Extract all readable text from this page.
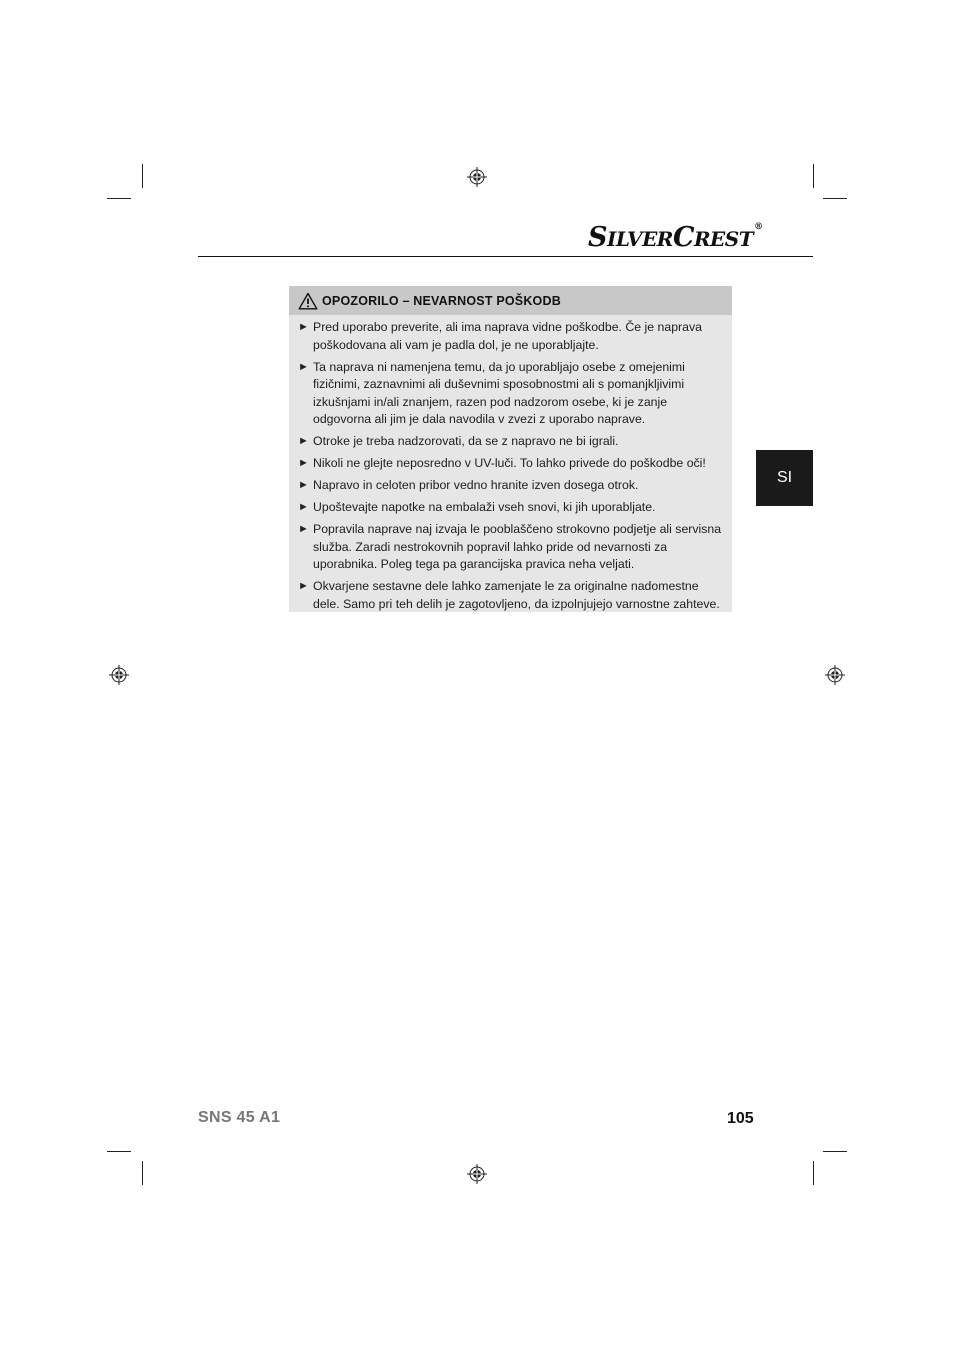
SILVERCREST®
SI
OPOZORILO – NEVARNOST POŠKODB
► Pred uporabo preverite, ali ima naprava vidne poškodbe. Če je naprava poškodovana ali vam je padla dol, je ne uporabljajte.
► Ta naprava ni namenjena temu, da jo uporabljajo osebe z omejenimi fizičnimi, zaznavnimi ali duševnimi sposobnostmi ali s pomanjkljivimi izkušnjami in/ali znanjem, razen pod nadzorom osebe, ki je zanje odgovorna ali jim je dala navodila v zvezi z uporabo naprave.
► Otroke je treba nadzorovati, da se z napravo ne bi igrali.
► Nikoli ne glejte neposredno v UV-luči. To lahko privede do poškodbe oči!
► Napravo in celoten pribor vedno hranite izven dosega otrok.
► Upoštevajte napotke na embalaži vseh snovi, ki jih uporabljate.
► Popravila naprave naj izvaja le pooblaščeno strokovno podjetje ali servisna služba. Zaradi nestrokovnih popravil lahko pride od nevarnosti za uporabnika. Poleg tega pa garancijska pravica neha veljati.
► Okvarjene sestavne dele lahko zamenjate le za originalne nadomestne dele. Samo pri teh delih je zagotovljeno, da izpolnjujejo varnostne zahteve.
SNS 45 A1	105
